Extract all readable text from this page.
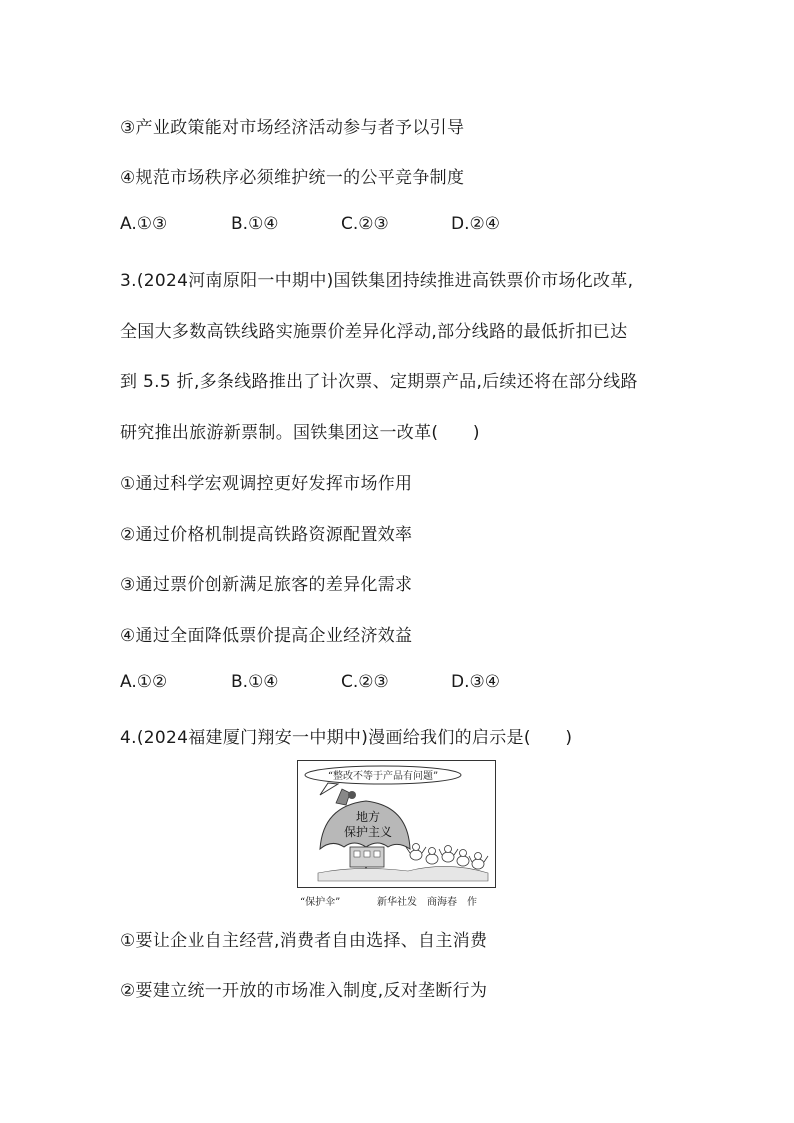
③产业政策能对市场经济活动参与者予以引导
④规范市场秩序必须维护统一的公平竞争制度
A.①③	B.①④	C.②③	D.②④
3.(2024河南原阳一中期中)国铁集团持续推进高铁票价市场化改革,
全国大多数高铁线路实施票价差异化浮动,部分线路的最低折扣已达
到 5.5 折,多条线路推出了计次票、定期票产品,后续还将在部分线路
研究推出旅游新票制。国铁集团这一改革(　　)
①通过科学宏观调控更好发挥市场作用
②通过价格机制提高铁路资源配置效率
③通过票价创新满足旅客的差异化需求
④通过全面降低票价提高企业经济效益
A.①②	B.①④	C.②③	D.③④
4.(2024福建厦门翔安一中期中)漫画给我们的启示是(　　)
“整改不等于产品有问题”
地方
保护主义
“保护伞”	新华社发　商海春　作
①要让企业自主经营,消费者自由选择、自主消费
②要建立统一开放的市场准入制度,反对垄断行为
